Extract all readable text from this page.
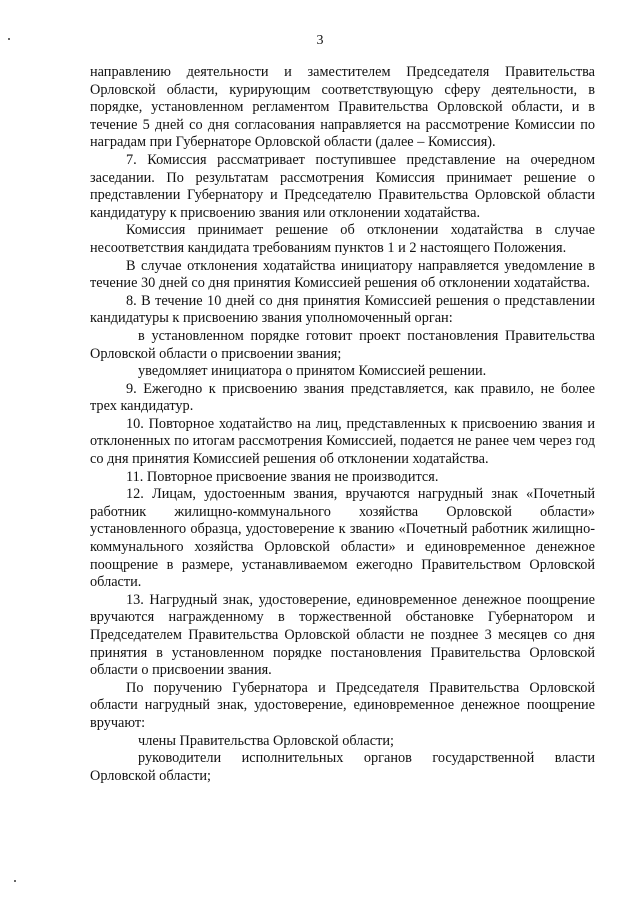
3

направлению деятельности и заместителем Председателя Правительства Орловской области, курирующим соответствующую сферу деятельности, в порядке, установленном регламентом Правительства Орловской области, и в течение 5 дней со дня согласования направляется на рассмотрение Комиссии по наградам при Губернаторе Орловской области (далее – Комиссия).

7. Комиссия рассматривает поступившее представление на очередном заседании. По результатам рассмотрения Комиссия принимает решение о представлении Губернатору и Председателю Правительства Орловской области кандидатуру к присвоению звания или отклонении ходатайства.

Комиссия принимает решение об отклонении ходатайства в случае несоответствия кандидата требованиям пунктов 1 и 2 настоящего Положения.

В случае отклонения ходатайства инициатору направляется уведомление в течение 30 дней со дня принятия Комиссией решения об отклонении ходатайства.

8. В течение 10 дней со дня принятия Комиссией решения о представлении кандидатуры к присвоению звания уполномоченный орган:

в установленном порядке готовит проект постановления Правительства Орловской области о присвоении звания;

уведомляет инициатора о принятом Комиссией решении.

9. Ежегодно к присвоению звания представляется, как правило, не более трех кандидатур.

10. Повторное ходатайство на лиц, представленных к присвоению звания и отклоненных по итогам рассмотрения Комиссией, подается не ранее чем через год со дня принятия Комиссией решения об отклонении ходатайства.

11. Повторное присвоение звания не производится.

12. Лицам, удостоенным звания, вручаются нагрудный знак «Почетный работник жилищно-коммунального хозяйства Орловской области» установленного образца, удостоверение к званию «Почетный работник жилищно-коммунального хозяйства Орловской области» и единовременное денежное поощрение в размере, устанавливаемом ежегодно Правительством Орловской области.

13. Нагрудный знак, удостоверение, единовременное денежное поощрение вручаются награжденному в торжественной обстановке Губернатором и Председателем Правительства Орловской области не позднее 3 месяцев со дня принятия в установленном порядке постановления Правительства Орловской области о присвоении звания.

По поручению Губернатора и Председателя Правительства Орловской области нагрудный знак, удостоверение, единовременное денежное поощрение вручают:

члены Правительства Орловской области;

руководители исполнительных органов государственной власти Орловской области;
